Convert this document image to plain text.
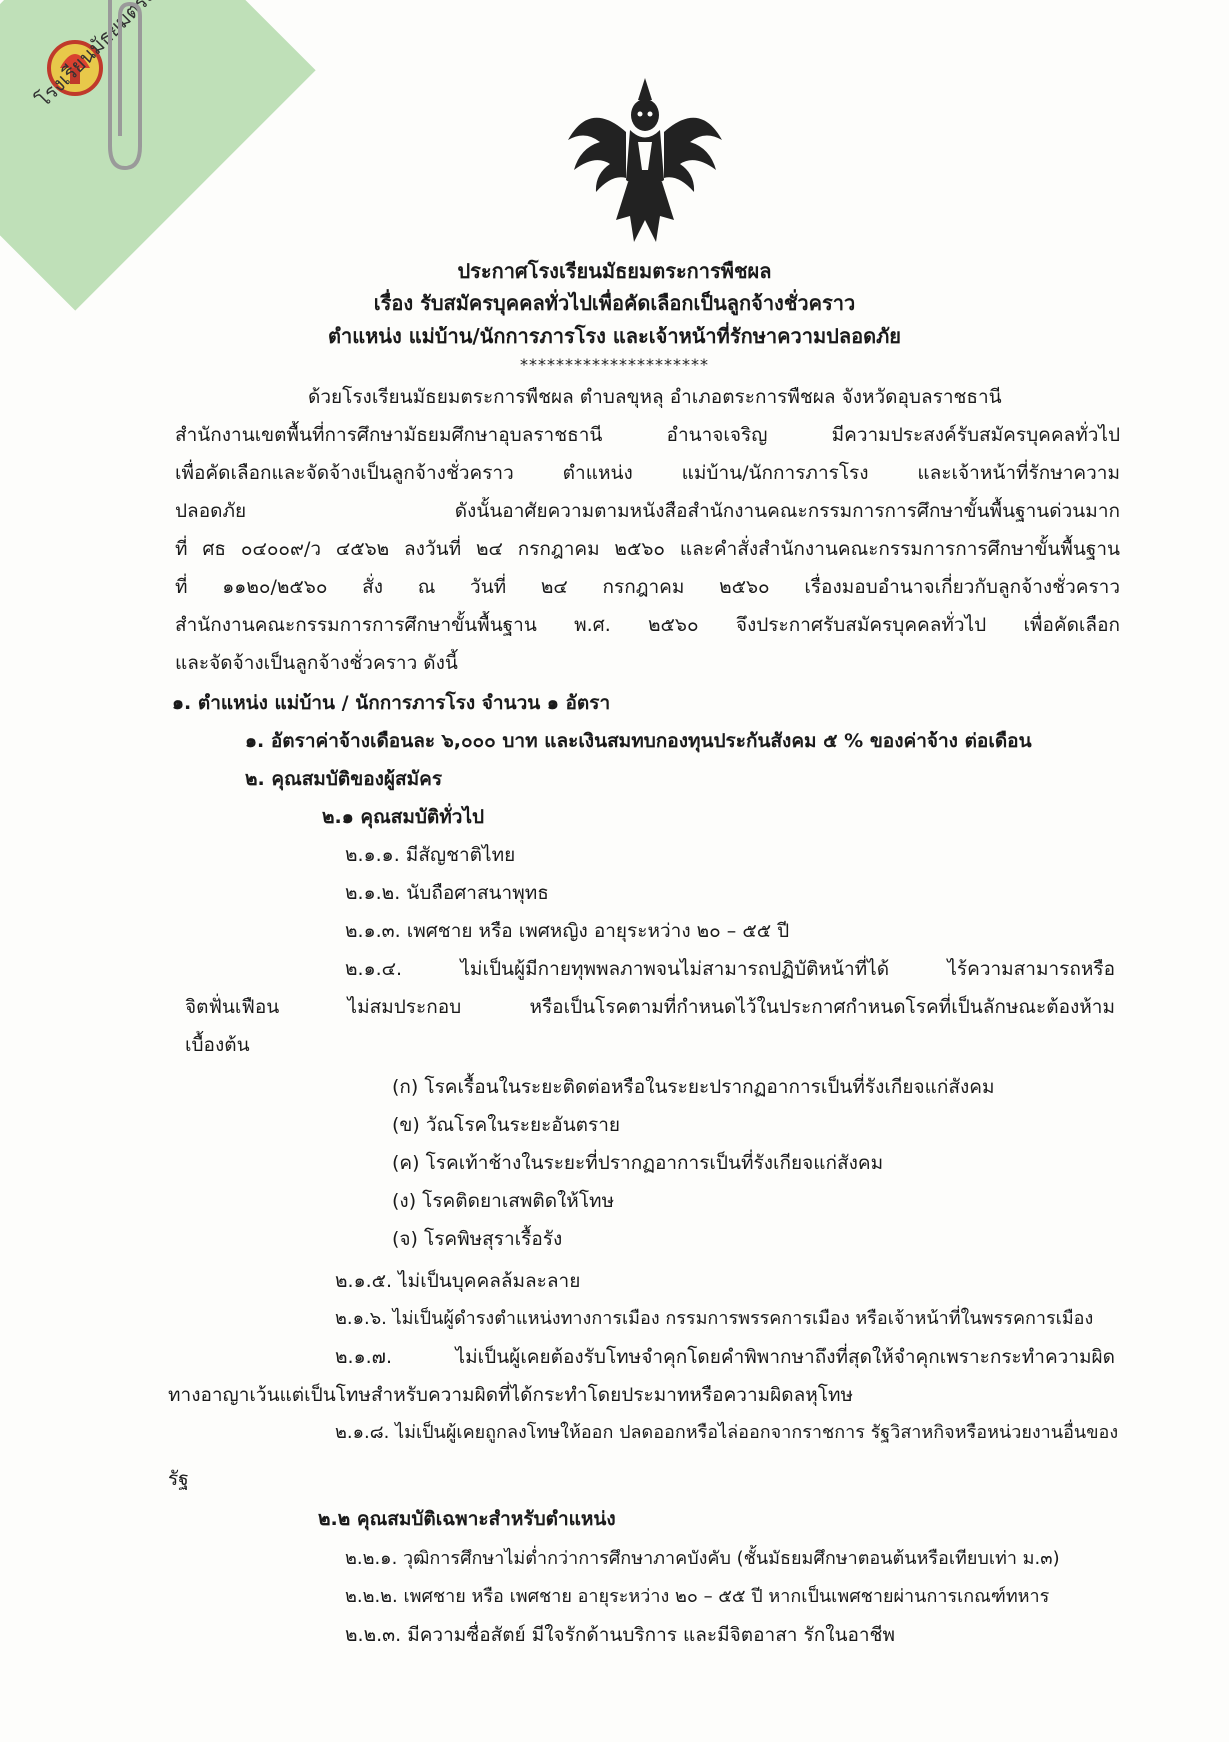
ประกาศโรงเรียนมัธยมตระการพืชผล
เรื่อง รับสมัครบุคคลทั่วไปเพื่อคัดเลือกเป็นลูกจ้างชั่วคราว
ตำแหน่ง แม่บ้าน/นักการภารโรง และเจ้าหน้าที่รักษาความปลอดภัย
*********************
ด้วยโรงเรียนมัธยมตระการพืชผล ตำบลขุหลุ อำเภอตระการพืชผล จังหวัดอุบลราชธานี
สำนักงานเขตพื้นที่การศึกษามัธยมศึกษาอุบลราชธานี อำนาจเจริญ มีความประสงค์รับสมัครบุคคลทั่วไป
เพื่อคัดเลือกและจัดจ้างเป็นลูกจ้างชั่วคราว ตำแหน่ง แม่บ้าน/นักการภารโรง และเจ้าหน้าที่รักษาความ
ปลอดภัย ดังนั้นอาศัยความตามหนังสือสำนักงานคณะกรรมการการศึกษาขั้นพื้นฐานด่วนมาก
ที่ ศธ ๐๔๐๐๙/ว ๔๕๖๒ ลงวันที่ ๒๔ กรกฎาคม ๒๕๖๐ และคำสั่งสำนักงานคณะกรรมการการศึกษาขั้นพื้นฐาน
ที่ ๑๑๒๐/๒๕๖๐ สั่ง ณ วันที่ ๒๔ กรกฎาคม ๒๕๖๐ เรื่องมอบอำนาจเกี่ยวกับลูกจ้างชั่วคราว
สำนักงานคณะกรรมการการศึกษาขั้นพื้นฐาน พ.ศ. ๒๕๖๐ จึงประกาศรับสมัครบุคคลทั่วไป เพื่อคัดเลือก
และจัดจ้างเป็นลูกจ้างชั่วคราว ดังนี้
๑. ตำแหน่ง แม่บ้าน / นักการภารโรง จำนวน ๑ อัตรา
๑. อัตราค่าจ้างเดือนละ ๖,๐๐๐ บาท และเงินสมทบกองทุนประกันสังคม ๕ % ของค่าจ้าง ต่อเดือน
๒. คุณสมบัติของผู้สมัคร
๒.๑ คุณสมบัติทั่วไป
๒.๑.๑. มีสัญชาติไทย
๒.๑.๒. นับถือศาสนาพุทธ
๒.๑.๓. เพศชาย หรือ เพศหญิง อายุระหว่าง ๒๐ – ๕๕ ปี
๒.๑.๔. ไม่เป็นผู้มีกายทุพพลภาพจนไม่สามารถปฏิบัติหน้าที่ได้ ไร้ความสามารถหรือ
จิตฟั่นเฟือน ไม่สมประกอบ หรือเป็นโรคตามที่กำหนดไว้ในประกาศกำหนดโรคที่เป็นลักษณะต้องห้าม
เบื้องต้น
(ก) โรคเรื้อนในระยะติดต่อหรือในระยะปรากฏอาการเป็นที่รังเกียจแก่สังคม
(ข) วัณโรคในระยะอันตราย
(ค) โรคเท้าช้างในระยะที่ปรากฏอาการเป็นที่รังเกียจแก่สังคม
(ง) โรคติดยาเสพติดให้โทษ
(จ) โรคพิษสุราเรื้อรัง
๒.๑.๕. ไม่เป็นบุคคลล้มละลาย
๒.๑.๖. ไม่เป็นผู้ดำรงตำแหน่งทางการเมือง กรรมการพรรคการเมือง หรือเจ้าหน้าที่ในพรรคการเมือง
๒.๑.๗. ไม่เป็นผู้เคยต้องรับโทษจำคุกโดยคำพิพากษาถึงที่สุดให้จำคุกเพราะกระทำความผิด
ทางอาญาเว้นแต่เป็นโทษสำหรับความผิดที่ได้กระทำโดยประมาทหรือความผิดลหุโทษ
๒.๑.๘. ไม่เป็นผู้เคยถูกลงโทษให้ออก ปลดออกหรือไล่ออกจากราชการ รัฐวิสาหกิจหรือหน่วยงานอื่นของ
รัฐ
๒.๒ คุณสมบัติเฉพาะสำหรับตำแหน่ง
๒.๒.๑. วุฒิการศึกษาไม่ต่ำกว่าการศึกษาภาคบังคับ (ชั้นมัธยมศึกษาตอนต้นหรือเทียบเท่า ม.๓)
๒.๒.๒. เพศชาย หรือ เพศชาย อายุระหว่าง ๒๐ – ๕๕ ปี หากเป็นเพศชายผ่านการเกณฑ์ทหาร
๒.๒.๓. มีความซื่อสัตย์ มีใจรักด้านบริการ และมีจิตอาสา รักในอาชีพ
